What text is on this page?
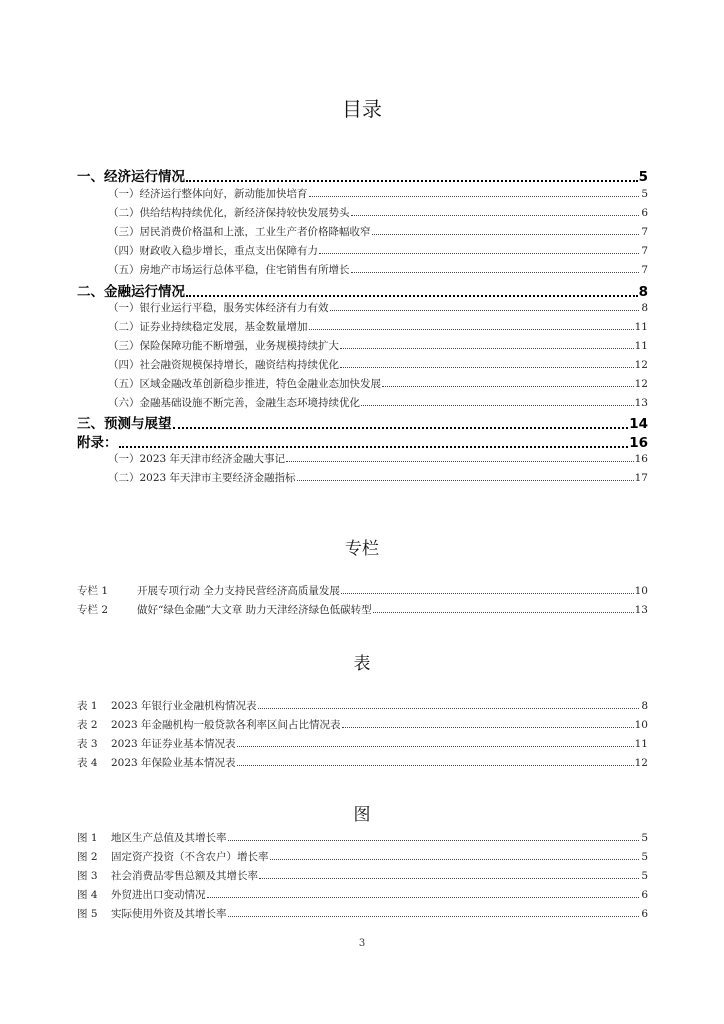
目录
一、经济运行情况	5
（一）经济运行整体向好，新动能加快培育	5
（二）供给结构持续优化，新经济保持较快发展势头	6
（三）居民消费价格温和上涨，工业生产者价格降幅收窄	7
（四）财政收入稳步增长，重点支出保障有力	7
（五）房地产市场运行总体平稳，住宅销售有所增长	7
二、金融运行情况	8
（一）银行业运行平稳，服务实体经济有力有效	8
（二）证券业持续稳定发展，基金数量增加	11
（三）保险保障功能不断增强，业务规模持续扩大	11
（四）社会融资规模保持增长，融资结构持续优化	12
（五）区域金融改革创新稳步推进，特色金融业态加快发展	12
（六）金融基础设施不断完善，金融生态环境持续优化	13
三、预测与展望	14
附录：	16
（一）2023 年天津市经济金融大事记	16
（二）2023 年天津市主要经济金融指标	17
专栏
专栏 1	开展专项行动 全力支持民营经济高质量发展	10
专栏 2	做好“绿色金融”大文章 助力天津经济绿色低碳转型	13
表
表 1 2023 年银行业金融机构情况表	8
表 2 2023 年金融机构一般贷款各利率区间占比情况表	10
表 3 2023 年证券业基本情况表	11
表 4 2023 年保险业基本情况表	12
图
图 1 地区生产总值及其增长率	5
图 2 固定资产投资（不含农户）增长率	5
图 3 社会消费品零售总额及其增长率	5
图 4 外贸进出口变动情况	6
图 5 实际使用外资及其增长率	6
3
